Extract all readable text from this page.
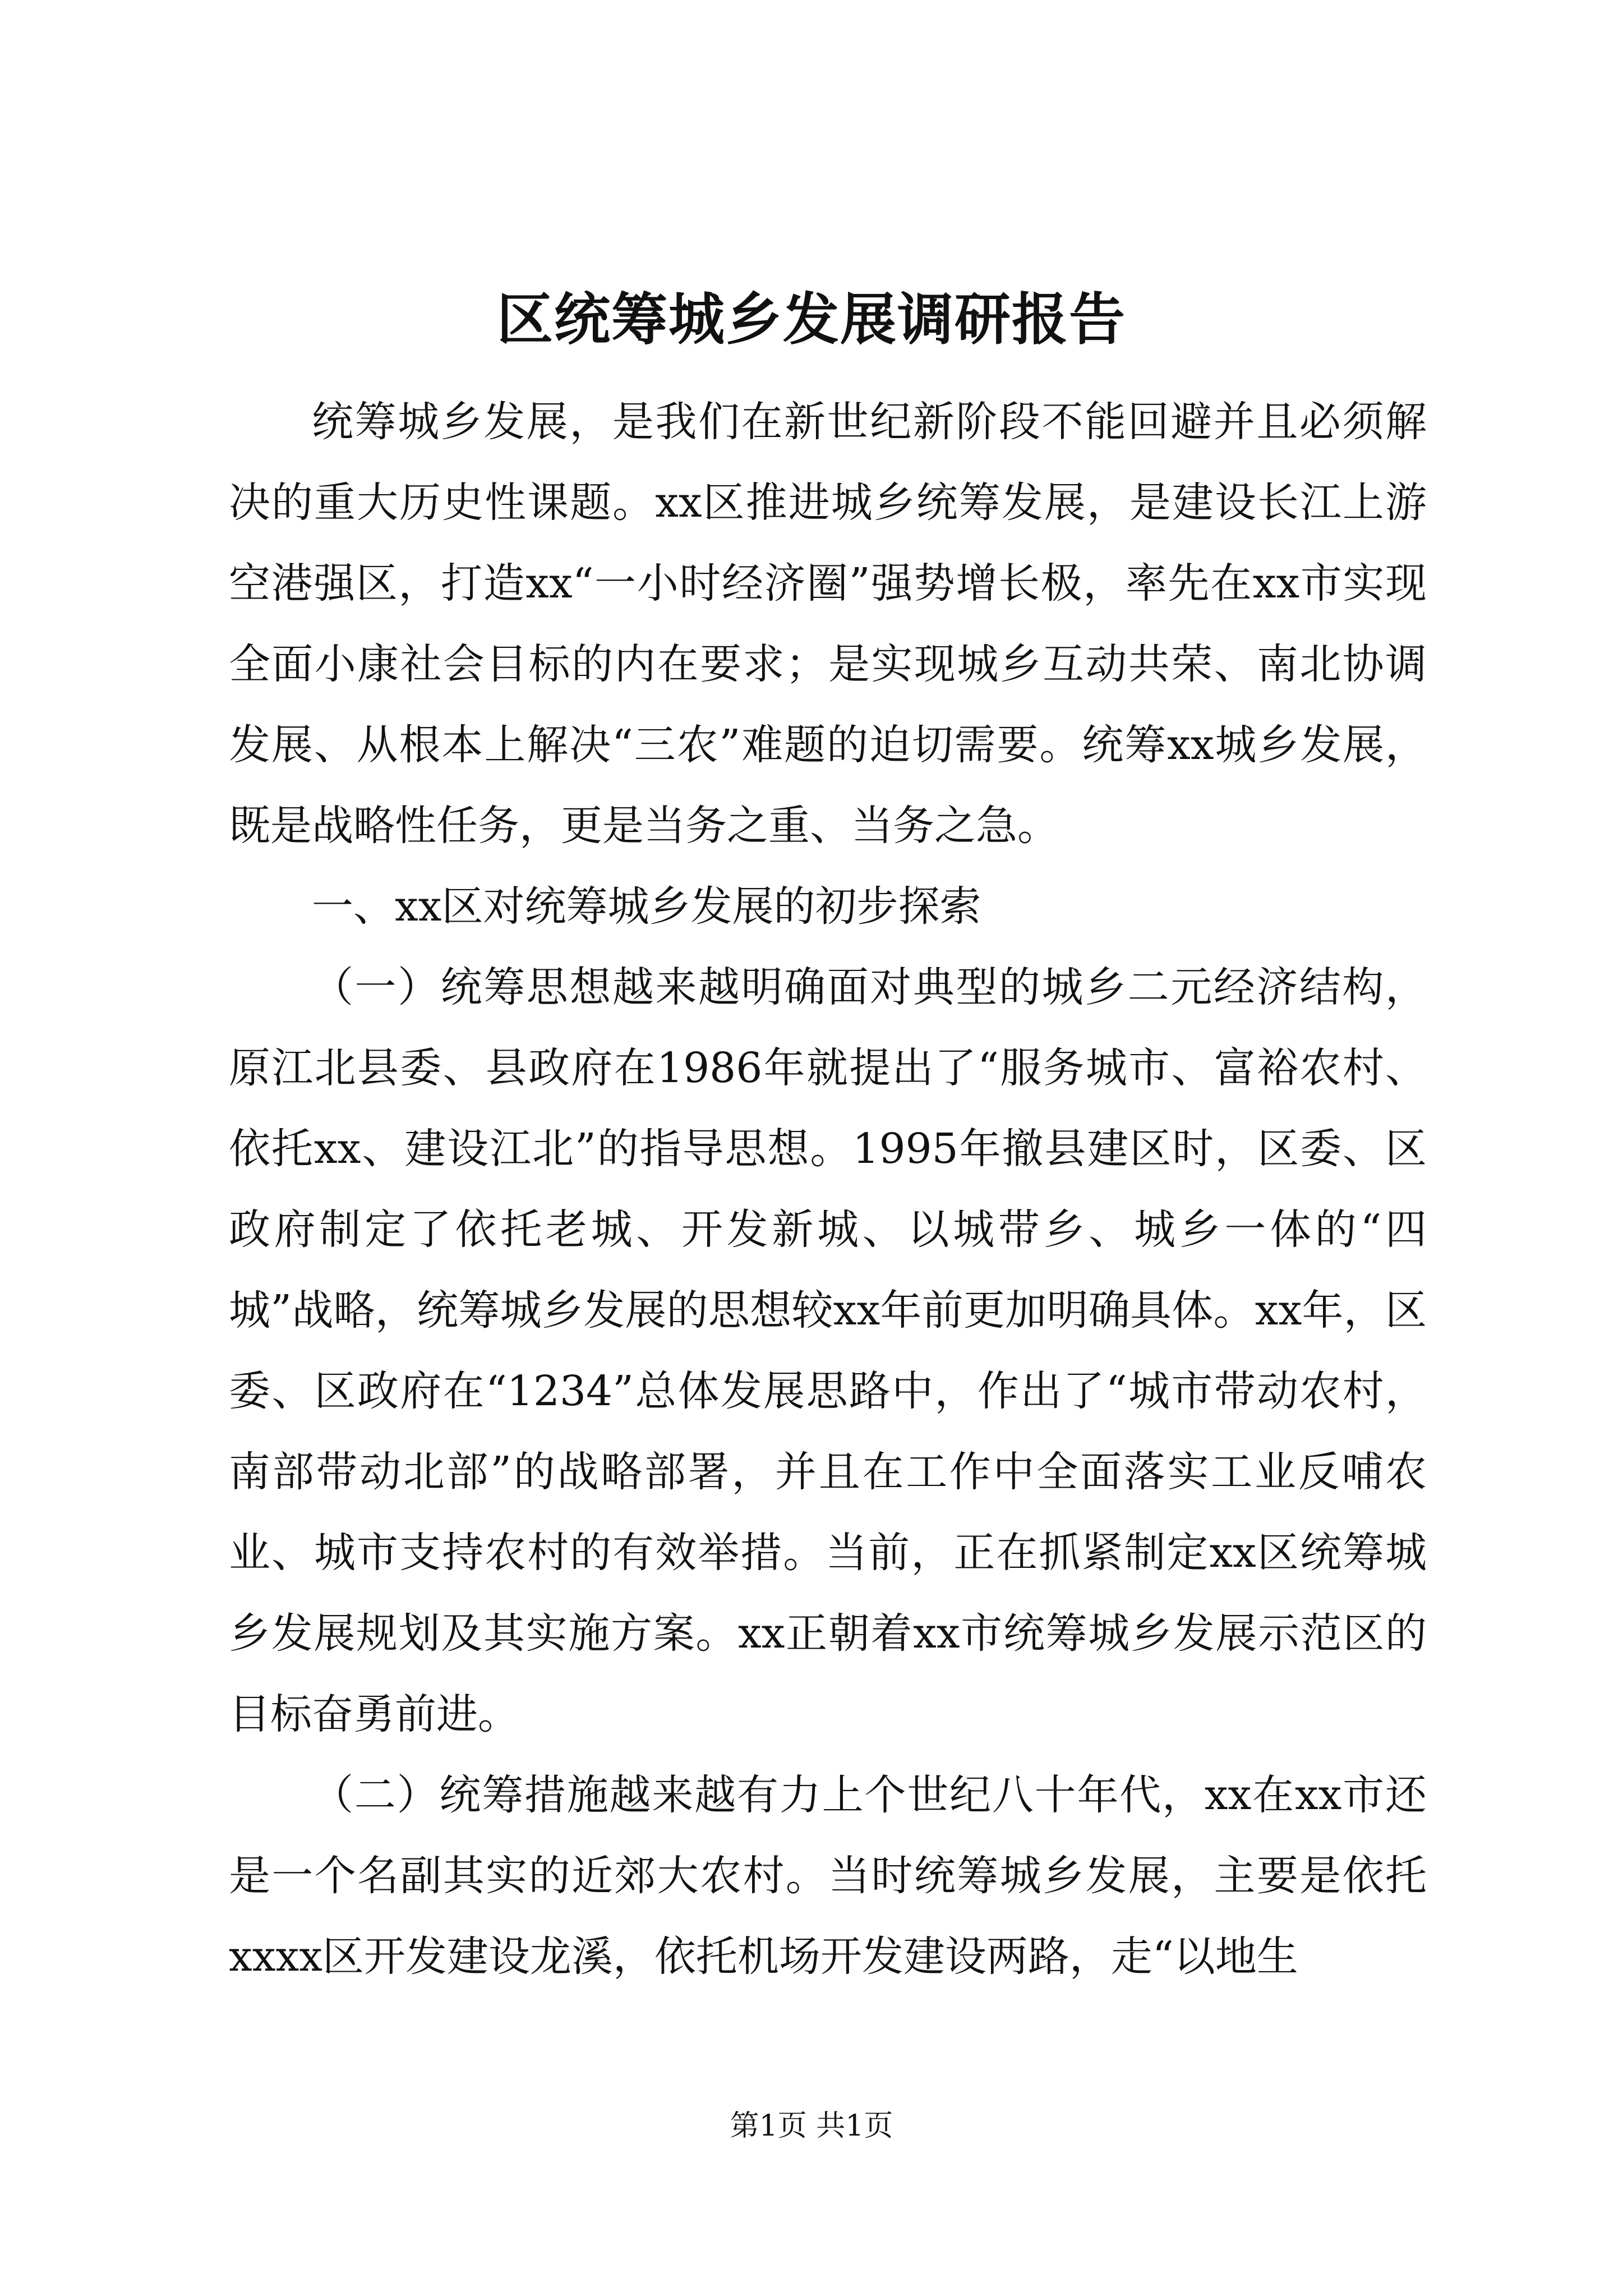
区统筹城乡发展调研报告

统筹城乡发展，是我们在新世纪新阶段不能回避并且必须解决的重大历史性课题。xx区推进城乡统筹发展，是建设长江上游空港强区，打造xx“一小时经济圈”强势增长极，率先在xx市实现全面小康社会目标的内在要求；是实现城乡互动共荣、南北协调发展、从根本上解决“三农”难题的迫切需要。统筹xx城乡发展，既是战略性任务，更是当务之重、当务之急。

一、xx区对统筹城乡发展的初步探索

（一）统筹思想越来越明确面对典型的城乡二元经济结构，原江北县委、县政府在1986年就提出了“服务城市、富裕农村、依托xx、建设江北”的指导思想。1995年撤县建区时，区委、区政府制定了依托老城、开发新城、以城带乡、城乡一体的“四城”战略，统筹城乡发展的思想较xx年前更加明确具体。xx年，区委、区政府在“1234”总体发展思路中，作出了“城市带动农村，南部带动北部”的战略部署，并且在工作中全面落实工业反哺农业、城市支持农村的有效举措。当前，正在抓紧制定xx区统筹城乡发展规划及其实施方案。xx正朝着xx市统筹城乡发展示范区的目标奋勇前进。

（二）统筹措施越来越有力上个世纪八十年代，xx在xx市还是一个名副其实的近郊大农村。当时统筹城乡发展，主要是依托xxxx区开发建设龙溪，依托机场开发建设两路，走“以地生

第1页 共1页
